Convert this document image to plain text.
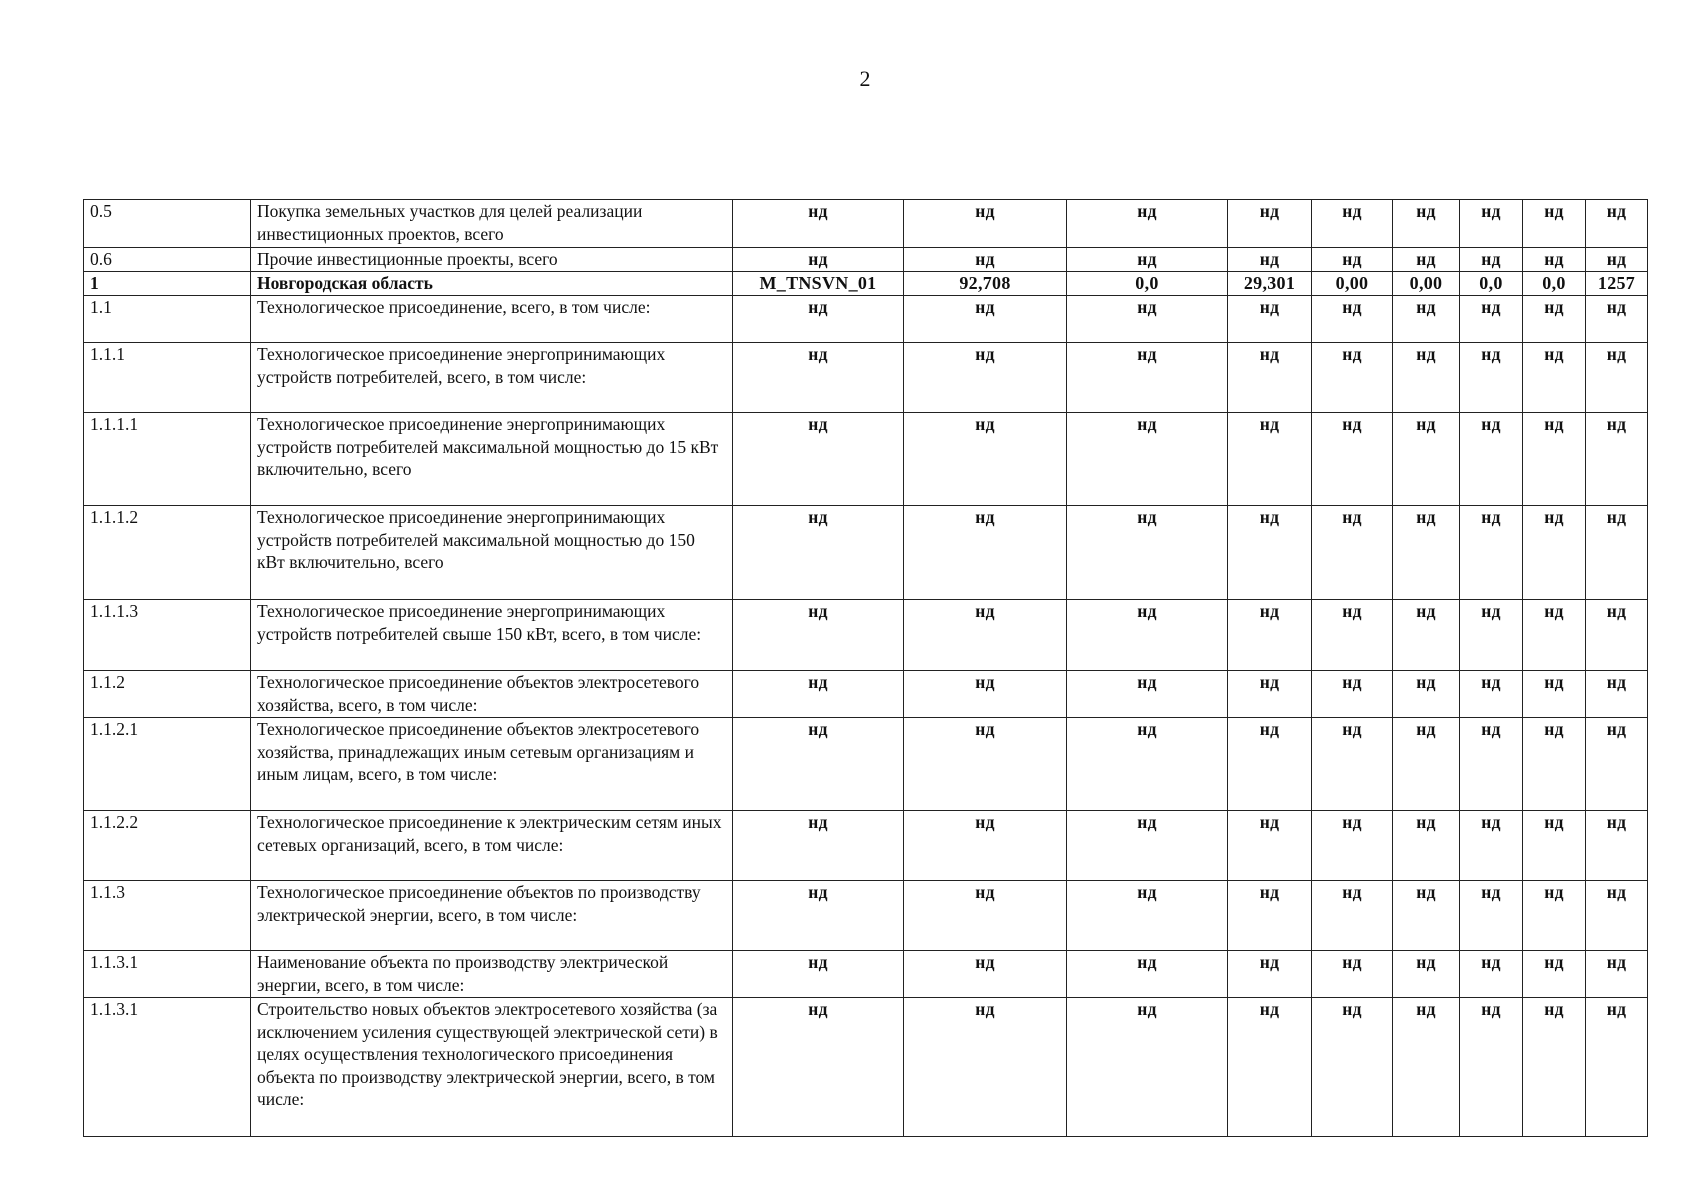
2
0.5	Покупка земельных участков для целей реализации инвестиционных проектов, всего	нд	нд	нд	нд	нд	нд	нд	нд	нд
0.6	Прочие инвестиционные проекты, всего	нд	нд	нд	нд	нд	нд	нд	нд	нд
1	Новгородская область	M_TNSVN_01	92,708	0,0	29,301	0,00	0,00	0,0	0,0	1257
1.1	Технологическое присоединение, всего, в том числе:	нд	нд	нд	нд	нд	нд	нд	нд	нд
1.1.1	Технологическое присоединение энергопринимающих устройств потребителей, всего, в том числе:	нд	нд	нд	нд	нд	нд	нд	нд	нд
1.1.1.1	Технологическое присоединение энергопринимающих устройств потребителей максимальной мощностью до 15 кВт включительно, всего	нд	нд	нд	нд	нд	нд	нд	нд	нд
1.1.1.2	Технологическое присоединение энергопринимающих устройств потребителей максимальной мощностью до 150 кВт включительно, всего	нд	нд	нд	нд	нд	нд	нд	нд	нд
1.1.1.3	Технологическое присоединение энергопринимающих устройств потребителей свыше 150 кВт, всего, в том числе:	нд	нд	нд	нд	нд	нд	нд	нд	нд
1.1.2	Технологическое присоединение объектов электросетевого хозяйства, всего, в том числе:	нд	нд	нд	нд	нд	нд	нд	нд	нд
1.1.2.1	Технологическое присоединение объектов электросетевого хозяйства, принадлежащих иным сетевым организациям и иным лицам, всего, в том числе:	нд	нд	нд	нд	нд	нд	нд	нд	нд
1.1.2.2	Технологическое присоединение к электрическим сетям иных сетевых организаций, всего, в том числе:	нд	нд	нд	нд	нд	нд	нд	нд	нд
1.1.3	Технологическое присоединение объектов по производству электрической энергии, всего, в том числе:	нд	нд	нд	нд	нд	нд	нд	нд	нд
1.1.3.1	Наименование объекта по производству электрической энергии, всего, в том числе:	нд	нд	нд	нд	нд	нд	нд	нд	нд
1.1.3.1	Строительство новых объектов электросетевого хозяйства (за исключением усиления существующей электрической сети) в целях осуществления технологического присоединения объекта по производству электрической энергии, всего, в том числе:	нд	нд	нд	нд	нд	нд	нд	нд	нд
